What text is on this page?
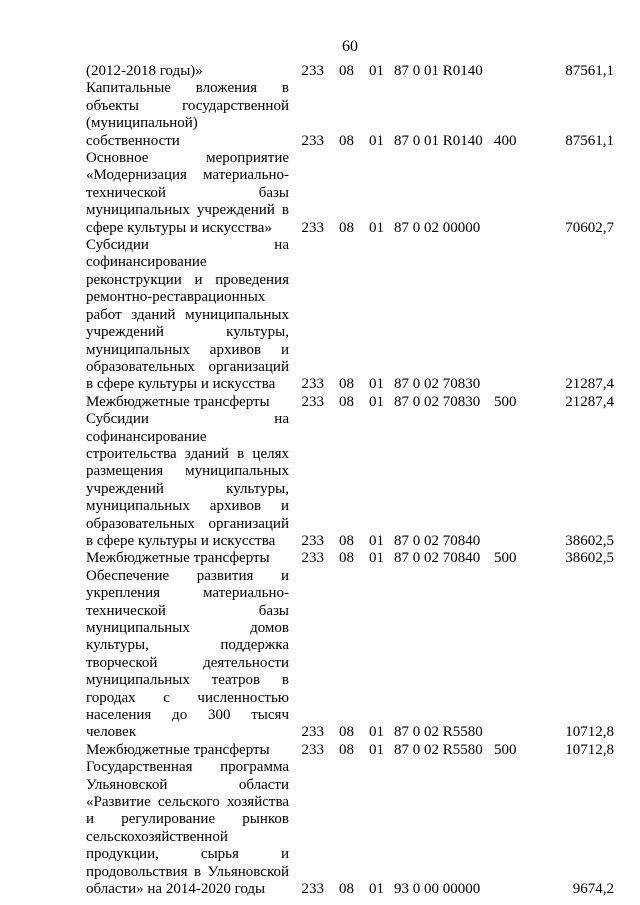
60
(2012-2018 годы)»	233	08	01	87 0 01 R0140		87561,1

Капитальные вложения в объекты государственной (муниципальной) собственности	233	08	01	87 0 01 R0140	400	87561,1

Основное мероприятие «Модернизация материально-технической базы муниципальных учреждений в сфере культуры и искусства»	233	08	01	87 0 02 00000		70602,7

Субсидии на софинансирование реконструкции и проведения ремонтно-реставрационных работ зданий муниципальных учреждений культуры, муниципальных архивов и образовательных организаций в сфере культуры и искусства	233	08	01	87 0 02 70830		21287,4

Межбюджетные трансферты	233	08	01	87 0 02 70830	500	21287,4

Субсидии на софинансирование строительства зданий в целях размещения муниципальных учреждений культуры, муниципальных архивов и образовательных организаций в сфере культуры и искусства	233	08	01	87 0 02 70840		38602,5

Межбюджетные трансферты	233	08	01	87 0 02 70840	500	38602,5

Обеспечение развития и укрепления материально-технической базы муниципальных домов культуры, поддержка творческой деятельности муниципальных театров в городах с численностью населения до 300 тысяч человек	233	08	01	87 0 02 R5580		10712,8

Межбюджетные трансферты	233	08	01	87 0 02 R5580	500	10712,8

Государственная программа Ульяновской области «Развитие сельского хозяйства и регулирование рынков сельскохозяйственной продукции, сырья и продовольствия в Ульяновской области» на 2014-2020 годы	233	08	01	93 0 00 00000		9674,2
